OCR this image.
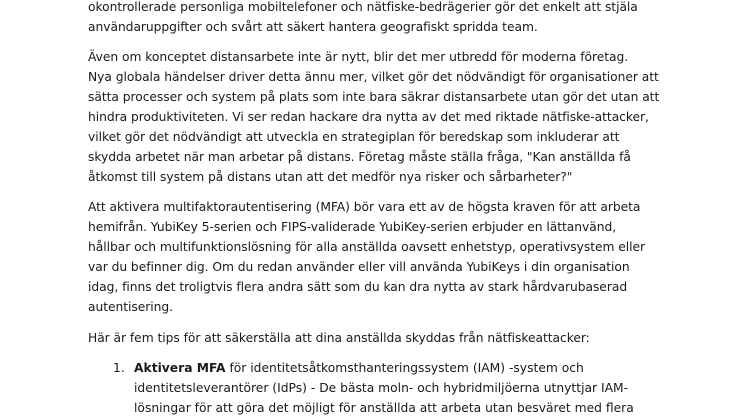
okontrollerade personliga mobiltelefoner och nätfiske-bedrägerier gör det enkelt att stjäla
användaruppgifter och svårt att säkert hantera geografiskt spridda team.

Även om konceptet distansarbete inte är nytt, blir det mer utbredd för moderna företag.
Nya globala händelser driver detta ännu mer, vilket gör det nödvändigt för organisationer att
sätta processer och system på plats som inte bara säkrar distansarbete utan gör det utan att
hindra produktiviteten. Vi ser redan hackare dra nytta av det med riktade nätfiske-attacker,
vilket gör det nödvändigt att utveckla en strategiplan för beredskap som inkluderar att
skydda arbetet när man arbetar på distans. Företag måste ställa fråga, "Kan anställda få
åtkomst till system på distans utan att det medför nya risker och sårbarheter?"

Att aktivera multifaktorautentisering (MFA) bör vara ett av de högsta kraven för att arbeta
hemifrån. YubiKey 5-serien och FIPS-validerade YubiKey-serien erbjuder en lättanvänd,
hållbar och multifunktionslösning för alla anställda oavsett enhetstyp, operativsystem eller
var du befinner dig. Om du redan använder eller vill använda YubiKeys i din organisation
idag, finns det troligtvis flera andra sätt som du kan dra nytta av stark hårdvarubaserad
autentisering.

Här är fem tips för att säkerställa att dina anställda skyddas från nätfiskeattacker:

1. Aktivera MFA för identitetsåtkomsthanteringssystem (IAM) -system och
identitetsleverantörer (IdPs) - De bästa moln- och hybridmiljöerna utnyttjar IAM-
lösningar för att göra det möjligt för anställda att arbeta utan besväret med flera
